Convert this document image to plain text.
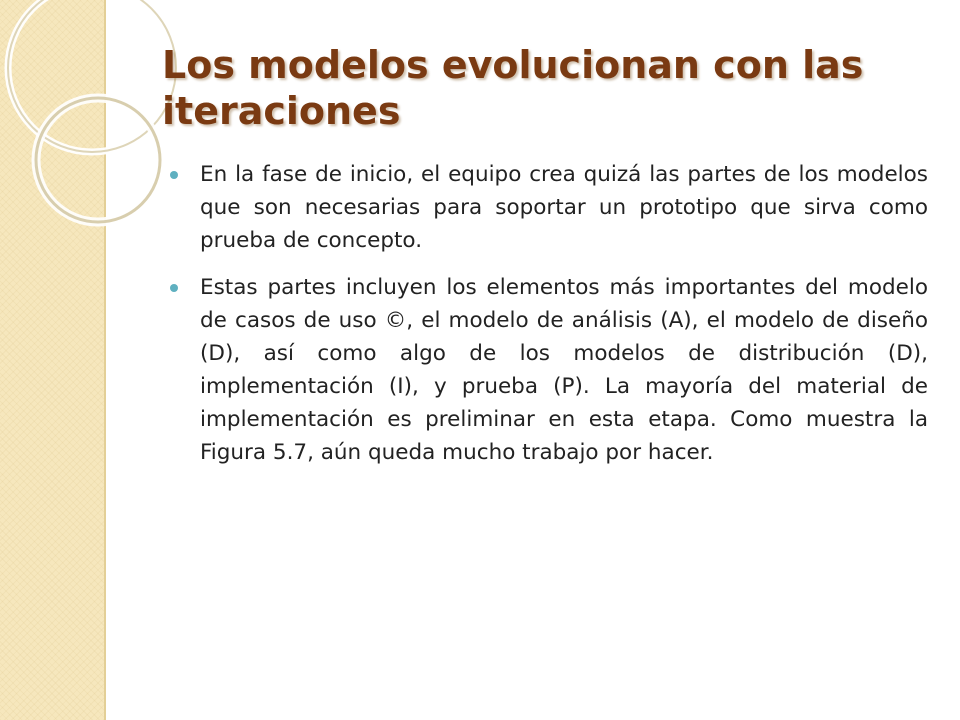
Los modelos evolucionan con las iteraciones
En la fase de inicio, el equipo crea quizá las partes de los modelos que son necesarias para soportar un prototipo que sirva como prueba de concepto.
Estas partes incluyen los elementos más importantes del modelo de casos de uso ©, el modelo de análisis (A), el modelo de diseño (D), así como algo de los modelos de distribución (D), implementación (I), y prueba (P). La mayoría del material de implementación es preliminar en esta etapa. Como muestra la Figura 5.7, aún queda mucho trabajo por hacer.
